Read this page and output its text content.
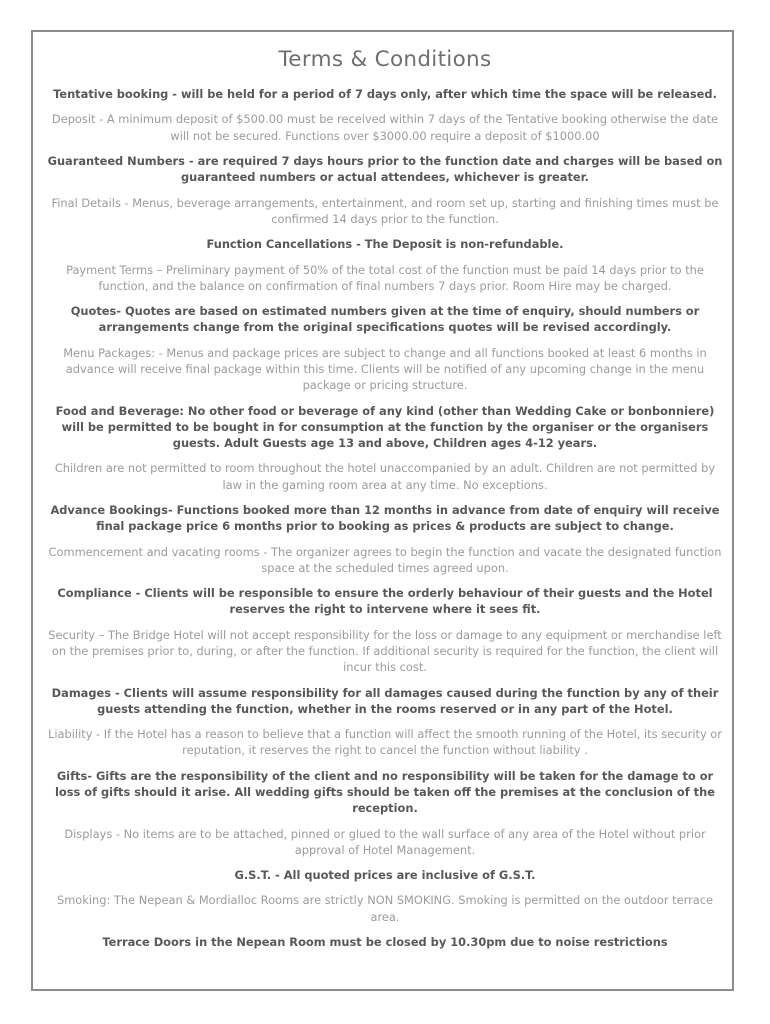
Terms & Conditions

Tentative booking - will be held for a period of 7 days only, after which time the space will be released.

Deposit - A minimum deposit of $500.00 must be received within 7 days of the Tentative booking otherwise the date will not be secured. Functions over $3000.00 require a deposit of $1000.00

Guaranteed Numbers - are required 7 days hours prior to the function date and charges will be based on guaranteed numbers or actual attendees, whichever is greater.

Final Details - Menus, beverage arrangements, entertainment, and room set up, starting and finishing times must be confirmed 14 days prior to the function.

Function Cancellations - The Deposit is non-refundable.

Payment Terms – Preliminary payment of 50% of the total cost of the function must be paid 14 days prior to the function, and the balance on confirmation of final numbers 7 days prior. Room Hire may be charged.

Quotes- Quotes are based on estimated numbers given at the time of enquiry, should numbers or arrangements change from the original specifications quotes will be revised accordingly.

Menu Packages: - Menus and package prices are subject to change and all functions booked at least 6 months in advance will receive final package within this time. Clients will be notified of any upcoming change in the menu package or pricing structure.

Food and Beverage: No other food or beverage of any kind (other than Wedding Cake or bonbonniere) will be permitted to be bought in for consumption at the function by the organiser or the organisers guests. Adult Guests age 13 and above, Children ages 4-12 years.

Children are not permitted to room throughout the hotel unaccompanied by an adult. Children are not permitted by law in the gaming room area at any time. No exceptions.

Advance Bookings- Functions booked more than 12 months in advance from date of enquiry will receive final package price 6 months prior to booking as prices & products are subject to change.

Commencement and vacating rooms - The organizer agrees to begin the function and vacate the designated function space at the scheduled times agreed upon.

Compliance - Clients will be responsible to ensure the orderly behaviour of their guests and the Hotel reserves the right to intervene where it sees fit.

Security – The Bridge Hotel will not accept responsibility for the loss or damage to any equipment or merchandise left on the premises prior to, during, or after the function. If additional security is required for the function, the client will incur this cost.

Damages - Clients will assume responsibility for all damages caused during the function by any of their guests attending the function, whether in the rooms reserved or in any part of the Hotel.

Liability - If the Hotel has a reason to believe that a function will affect the smooth running of the Hotel, its security or reputation, it reserves the right to cancel the function without liability .

Gifts- Gifts are the responsibility of the client and no responsibility will be taken for the damage to or loss of gifts should it arise. All wedding gifts should be taken off the premises at the conclusion of the reception.

Displays - No items are to be attached, pinned or glued to the wall surface of any area of the Hotel without prior approval of Hotel Management.

G.S.T. - All quoted prices are inclusive of G.S.T.

Smoking: The Nepean & Mordialloc Rooms are strictly NON SMOKING. Smoking is permitted on the outdoor terrace area.

Terrace Doors in the Nepean Room must be closed by 10.30pm due to noise restrictions
